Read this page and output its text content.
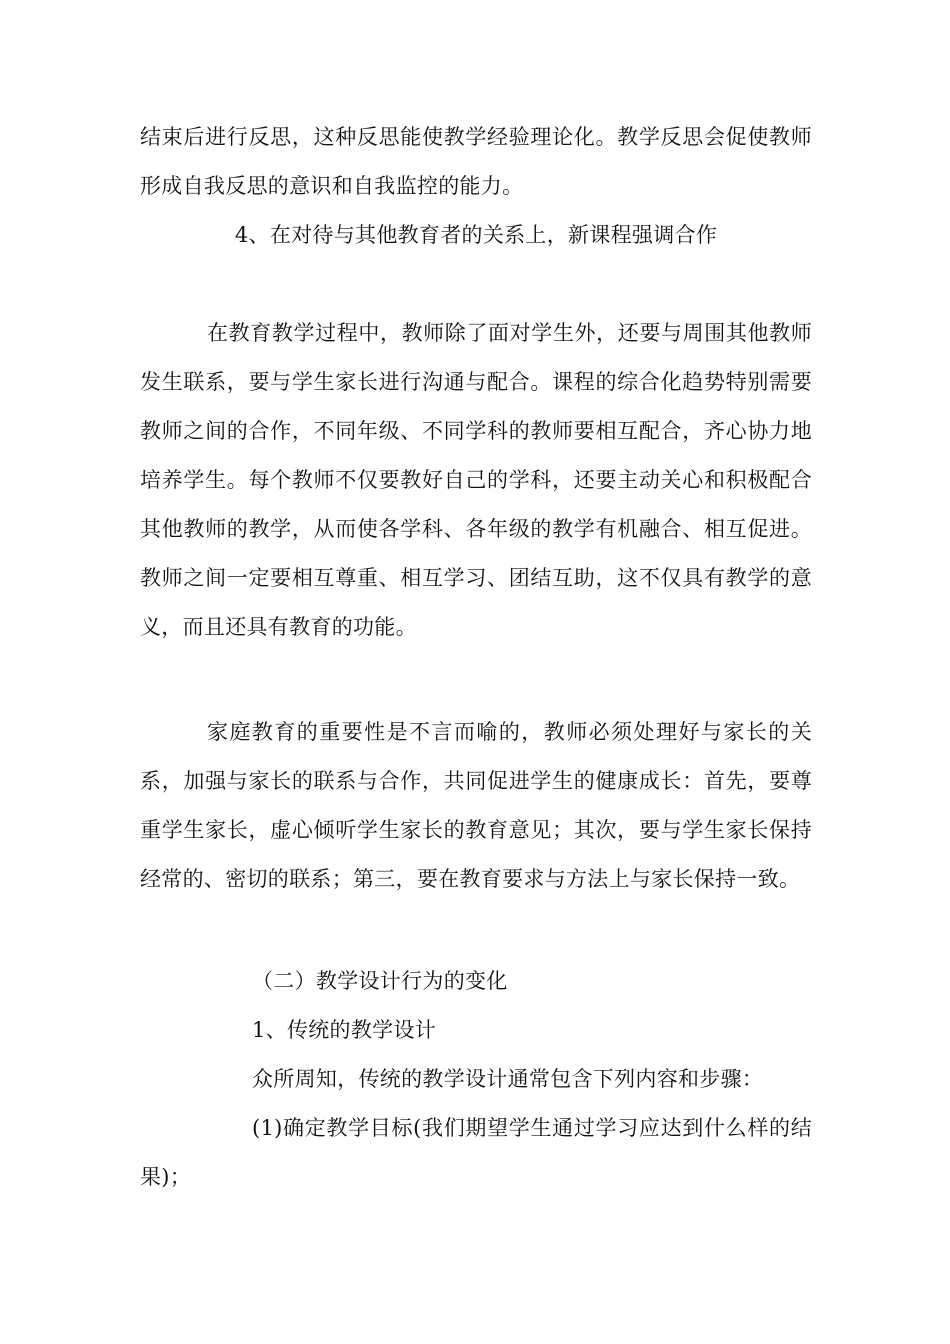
结束后进行反思，这种反思能使教学经验理论化。教学反思会促使教师形成自我反思的意识和自我监控的能力。

4、在对待与其他教育者的关系上，新课程强调合作

在教育教学过程中，教师除了面对学生外，还要与周围其他教师发生联系，要与学生家长进行沟通与配合。课程的综合化趋势特别需要教师之间的合作，不同年级、不同学科的教师要相互配合，齐心协力地培养学生。每个教师不仅要教好自己的学科，还要主动关心和积极配合其他教师的教学，从而使各学科、各年级的教学有机融合、相互促进。教师之间一定要相互尊重、相互学习、团结互助，这不仅具有教学的意义，而且还具有教育的功能。

家庭教育的重要性是不言而喻的，教师必须处理好与家长的关系，加强与家长的联系与合作，共同促进学生的健康成长：首先，要尊重学生家长，虚心倾听学生家长的教育意见；其次，要与学生家长保持经常的、密切的联系；第三，要在教育要求与方法上与家长保持一致。

（二）教学设计行为的变化

1、传统的教学设计

众所周知，传统的教学设计通常包含下列内容和步骤：

(1)确定教学目标(我们期望学生通过学习应达到什么样的结果)；
